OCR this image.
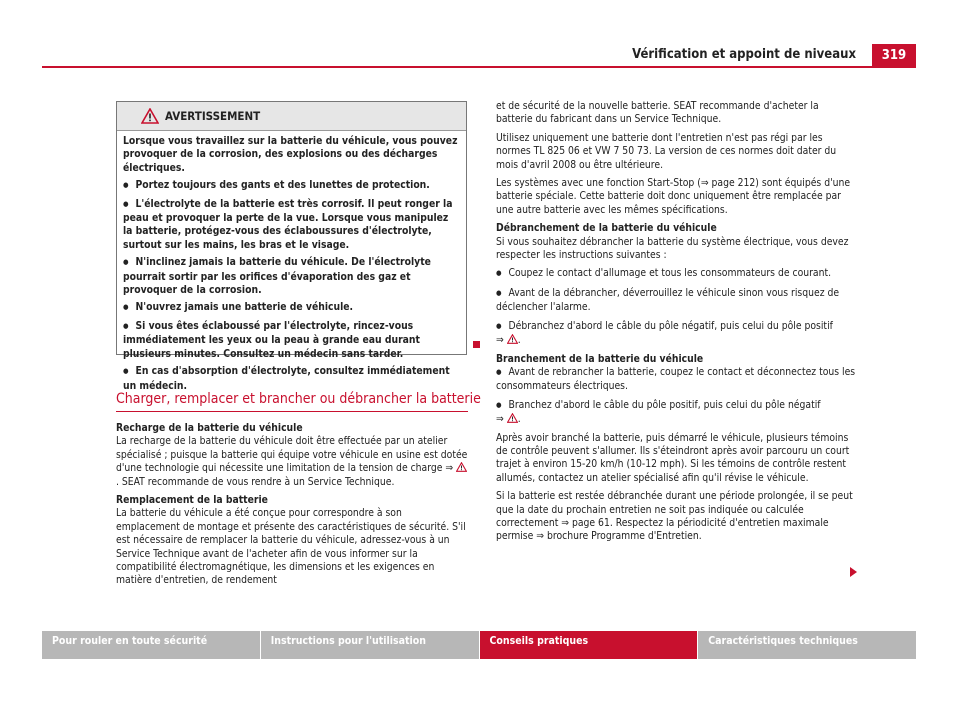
Vérification et appoint de niveaux	319
AVERTISSEMENT

Lorsque vous travaillez sur la batterie du véhicule, vous pouvez provoquer de la corrosion, des explosions ou des décharges électriques.

● Portez toujours des gants et des lunettes de protection.

● L'électrolyte de la batterie est très corrosif. Il peut ronger la peau et provoquer la perte de la vue. Lorsque vous manipulez la batterie, protégez-vous des éclaboussures d'électrolyte, surtout sur les mains, les bras et le visage.

● N'inclinez jamais la batterie du véhicule. De l'électrolyte pourrait sortir par les orifices d'évaporation des gaz et provoquer de la corrosion.

● N'ouvrez jamais une batterie de véhicule.

● Si vous êtes éclaboussé par l'électrolyte, rincez-vous immédiatement les yeux ou la peau à grande eau durant plusieurs minutes. Consultez un médecin sans tarder.

● En cas d'absorption d'électrolyte, consultez immédiatement un médecin.

Charger, remplacer et brancher ou débrancher la batterie

Recharge de la batterie du véhicule

La recharge de la batterie du véhicule doit être effectuée par un atelier spécialisé ; puisque la batterie qui équipe votre véhicule en usine est dotée d'une technologie qui nécessite une limitation de la tension de charge ⇒ . SEAT recommande de vous rendre à un Service Technique.

Remplacement de la batterie

La batterie du véhicule a été conçue pour correspondre à son emplacement de montage et présente des caractéristiques de sécurité. S'il est nécessaire de remplacer la batterie du véhicule, adressez-vous à un Service Technique avant de l'acheter afin de vous informer sur la compatibilité électromagnétique, les dimensions et les exigences en matière d'entretien, de rendement

et de sécurité de la nouvelle batterie. SEAT recommande d'acheter la batterie du fabricant dans un Service Technique.

Utilisez uniquement une batterie dont l'entretien n'est pas régi par les normes TL 825 06 et VW 7 50 73. La version de ces normes doit dater du mois d'avril 2008 ou être ultérieure.

Les systèmes avec une fonction Start-Stop (⇒ page 212) sont équipés d'une batterie spéciale. Cette batterie doit donc uniquement être remplacée par une autre batterie avec les mêmes spécifications.

Débranchement de la batterie du véhicule

Si vous souhaitez débrancher la batterie du système électrique, vous devez respecter les instructions suivantes :

● Coupez le contact d'allumage et tous les consommateurs de courant.

● Avant de la débrancher, déverrouillez le véhicule sinon vous risquez de déclencher l'alarme.

● Débranchez d'abord le câble du pôle négatif, puis celui du pôle positif
⇒ .

Branchement de la batterie du véhicule

● Avant de rebrancher la batterie, coupez le contact et déconnectez tous les consommateurs électriques.

● Branchez d'abord le câble du pôle positif, puis celui du pôle négatif
⇒ .

Après avoir branché la batterie, puis démarré le véhicule, plusieurs témoins de contrôle peuvent s'allumer. Ils s'éteindront après avoir parcouru un court trajet à environ 15-20 km/h (10-12 mph). Si les témoins de contrôle restent allumés, contactez un atelier spécialisé afin qu'il révise le véhicule.

Si la batterie est restée débranchée durant une période prolongée, il se peut que la date du prochain entretien ne soit pas indiquée ou calculée correctement ⇒ page 61. Respectez la périodicité d'entretien maximale permise ⇒ brochure Programme d'Entretien.

Pour rouler en toute sécurité	Instructions pour l'utilisation	Conseils pratiques	Caractéristiques techniques
